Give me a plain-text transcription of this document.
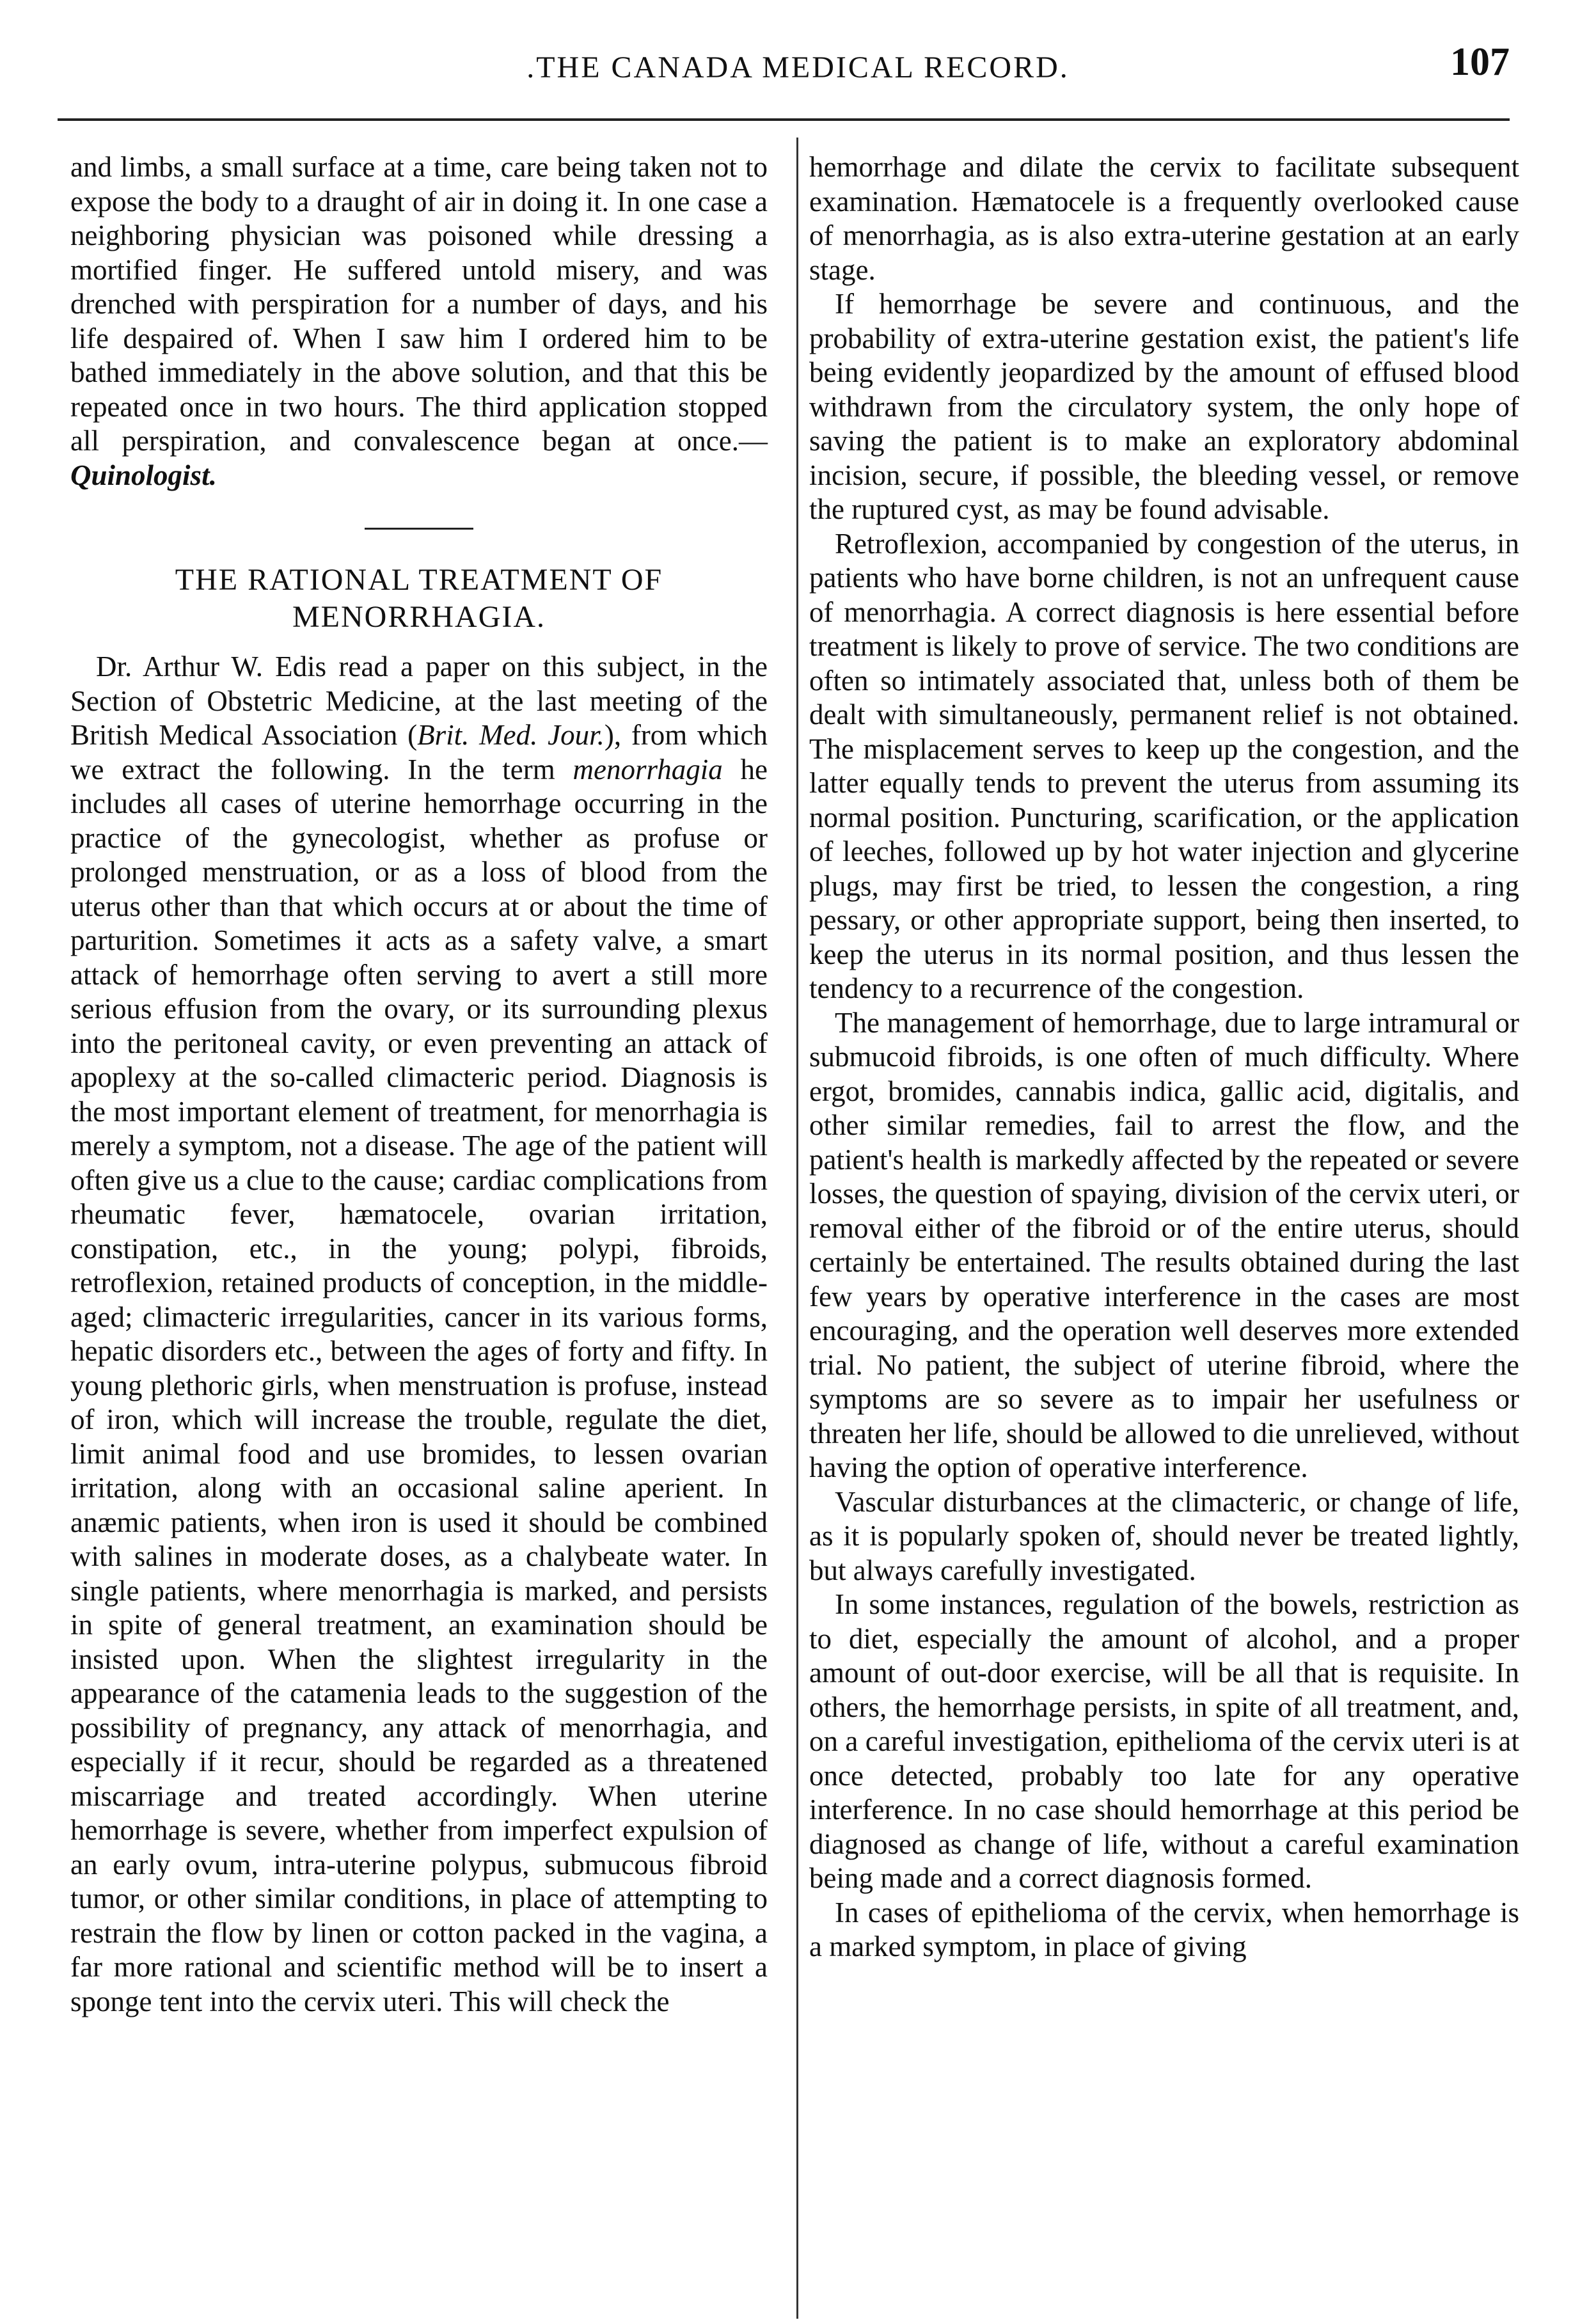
.THE CANADA MEDICAL RECORD.	107

and limbs, a small surface at a time, care being taken not to expose the body to a draught of air in doing it. In one case a neighboring physician was poisoned while dressing a mortified finger. He suffered untold misery, and was drenched with perspiration for a number of days, and his life despaired of. When I saw him I ordered him to be bathed immediately in the above solution, and that this be repeated once in two hours. The third application stopped all perspiration, and convalescence began at once.—Quinologist.

THE RATIONAL TREATMENT OF MENORRHAGIA.

Dr. Arthur W. Edis read a paper on this subject, in the Section of Obstetric Medicine, at the last meeting of the British Medical Association (Brit. Med. Jour.), from which we extract the following. In the term menorrhagia he includes all cases of uterine hemorrhage occurring in the practice of the gynecologist, whether as profuse or prolonged menstruation, or as a loss of blood from the uterus other than that which occurs at or about the time of parturition. Sometimes it acts as a safety valve, a smart attack of hemorrhage often serving to avert a still more serious effusion from the ovary, or its surrounding plexus into the peritoneal cavity, or even preventing an attack of apoplexy at the so-called climacteric period. Diagnosis is the most important element of treatment, for menorrhagia is merely a symptom, not a disease. The age of the patient will often give us a clue to the cause; cardiac complications from rheumatic fever, hæmatocele, ovarian irritation, constipation, etc., in the young; polypi, fibroids, retroflexion, retained products of conception, in the middle-aged; climacteric irregularities, cancer in its various forms, hepatic disorders etc., between the ages of forty and fifty. In young plethoric girls, when menstruation is profuse, instead of iron, which will increase the trouble, regulate the diet, limit animal food and use bromides, to lessen ovarian irritation, along with an occasional saline aperient. In anæmic patients, when iron is used it should be combined with salines in moderate doses, as a chalybeate water. In single patients, where menorrhagia is marked, and persists in spite of general treatment, an examination should be insisted upon. When the slightest irregularity in the appearance of the catamenia leads to the suggestion of the possibility of pregnancy, any attack of menorrhagia, and especially if it recur, should be regarded as a threatened miscarriage and treated accordingly. When uterine hemorrhage is severe, whether from imperfect expulsion of an early ovum, intra-uterine polypus, submucous fibroid tumor, or other similar conditions, in place of attempting to restrain the flow by linen or cotton packed in the vagina, a far more rational and scientific method will be to insert a sponge tent into the cervix uteri. This will check the

hemorrhage and dilate the cervix to facilitate subsequent examination. Hæmatocele is a frequently overlooked cause of menorrhagia, as is also extra-uterine gestation at an early stage.

If hemorrhage be severe and continuous, and the probability of extra-uterine gestation exist, the patient's life being evidently jeopardized by the amount of effused blood withdrawn from the circulatory system, the only hope of saving the patient is to make an exploratory abdominal incision, secure, if possible, the bleeding vessel, or remove the ruptured cyst, as may be found advisable.

Retroflexion, accompanied by congestion of the uterus, in patients who have borne children, is not an unfrequent cause of menorrhagia. A correct diagnosis is here essential before treatment is likely to prove of service. The two conditions are often so intimately associated that, unless both of them be dealt with simultaneously, permanent relief is not obtained. The misplacement serves to keep up the congestion, and the latter equally tends to prevent the uterus from assuming its normal position. Puncturing, scarification, or the application of leeches, followed up by hot water injection and glycerine plugs, may first be tried, to lessen the congestion, a ring pessary, or other appropriate support, being then inserted, to keep the uterus in its normal position, and thus lessen the tendency to a recurrence of the congestion.

The management of hemorrhage, due to large intramural or submucoid fibroids, is one often of much difficulty. Where ergot, bromides, cannabis indica, gallic acid, digitalis, and other similar remedies, fail to arrest the flow, and the patient's health is markedly affected by the repeated or severe losses, the question of spaying, division of the cervix uteri, or removal either of the fibroid or of the entire uterus, should certainly be entertained. The results obtained during the last few years by operative interference in the cases are most encouraging, and the operation well deserves more extended trial. No patient, the subject of uterine fibroid, where the symptoms are so severe as to impair her usefulness or threaten her life, should be allowed to die unrelieved, without having the option of operative interference.

Vascular disturbances at the climacteric, or change of life, as it is popularly spoken of, should never be treated lightly, but always carefully investigated.

In some instances, regulation of the bowels, restriction as to diet, especially the amount of alcohol, and a proper amount of out-door exercise, will be all that is requisite. In others, the hemorrhage persists, in spite of all treatment, and, on a careful investigation, epithelioma of the cervix uteri is at once detected, probably too late for any operative interference. In no case should hemorrhage at this period be diagnosed as change of life, without a careful examination being made and a correct diagnosis formed.

In cases of epithelioma of the cervix, when hemorrhage is a marked symptom, in place of giving
